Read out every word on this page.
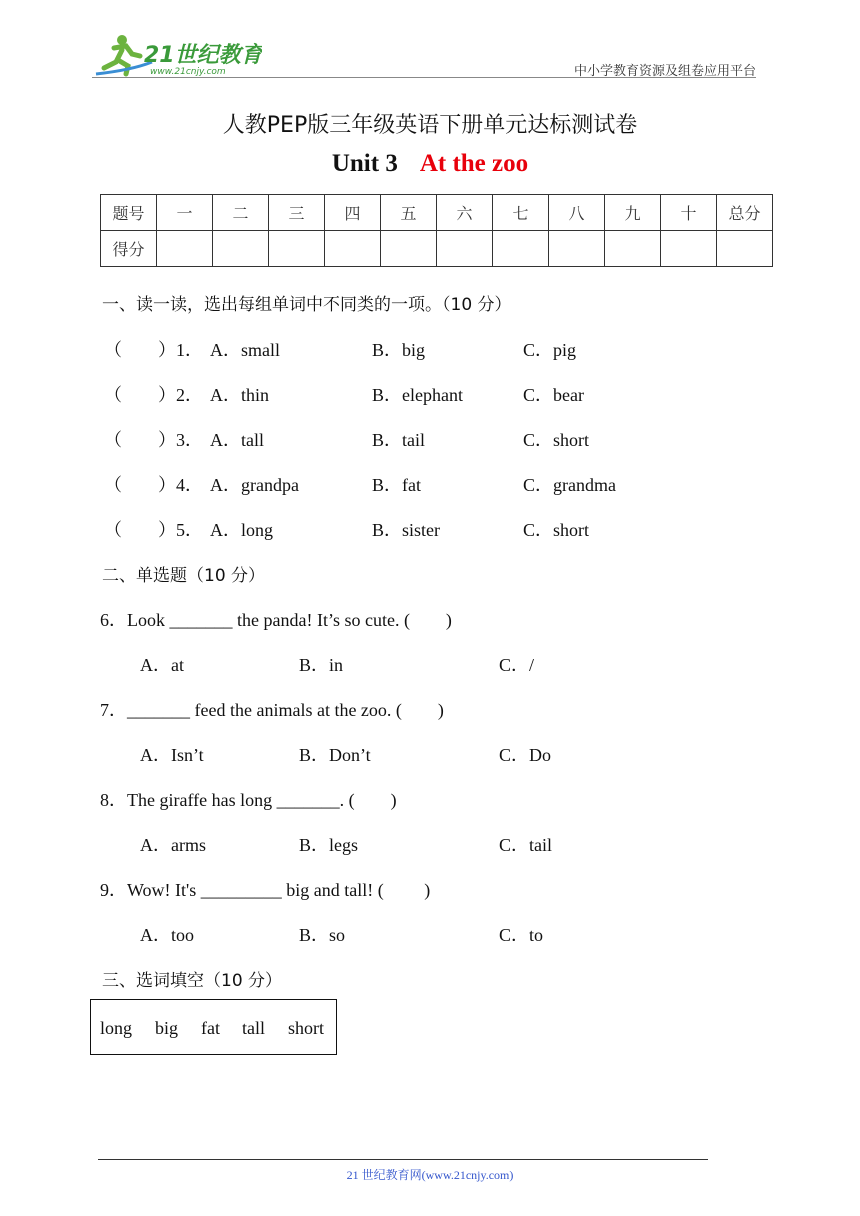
21世纪教育
www.21cnjy.com	中小学教育资源及组卷应用平台
人教PEP版三年级英语下册单元达标测试卷
Unit 3 At the zoo
题号	一	二	三	四	五	六	七	八	九	十	总分
得分											
一、读一读，选出每组单词中不同类的一项。（10 分）
（　　）1． A．small	B．big	C．pig
（　　）2． A．thin	B．elephant	C．bear
（　　）3． A．tall	B．tail	C．short
（　　）4． A．grandpa	B．fat	C．grandma
（　　）5． A．long	B．sister	C．short
二、单选题（10 分）
6．Look _______ the panda! It’s so cute. (　　)
A．at	B．in	C．/
7．_______ feed the animals at the zoo. (　　)
A．Isn’t	B．Don’t	C．Do
8．The giraffe has long _______. (　　)
A．arms	B．legs	C．tail
9．Wow! It's _________ big and tall! (　　 )
A．too	B．so	C．to
三、选词填空（10 分）
long big fat tall short
21 世纪教育网(www.21cnjy.com)
